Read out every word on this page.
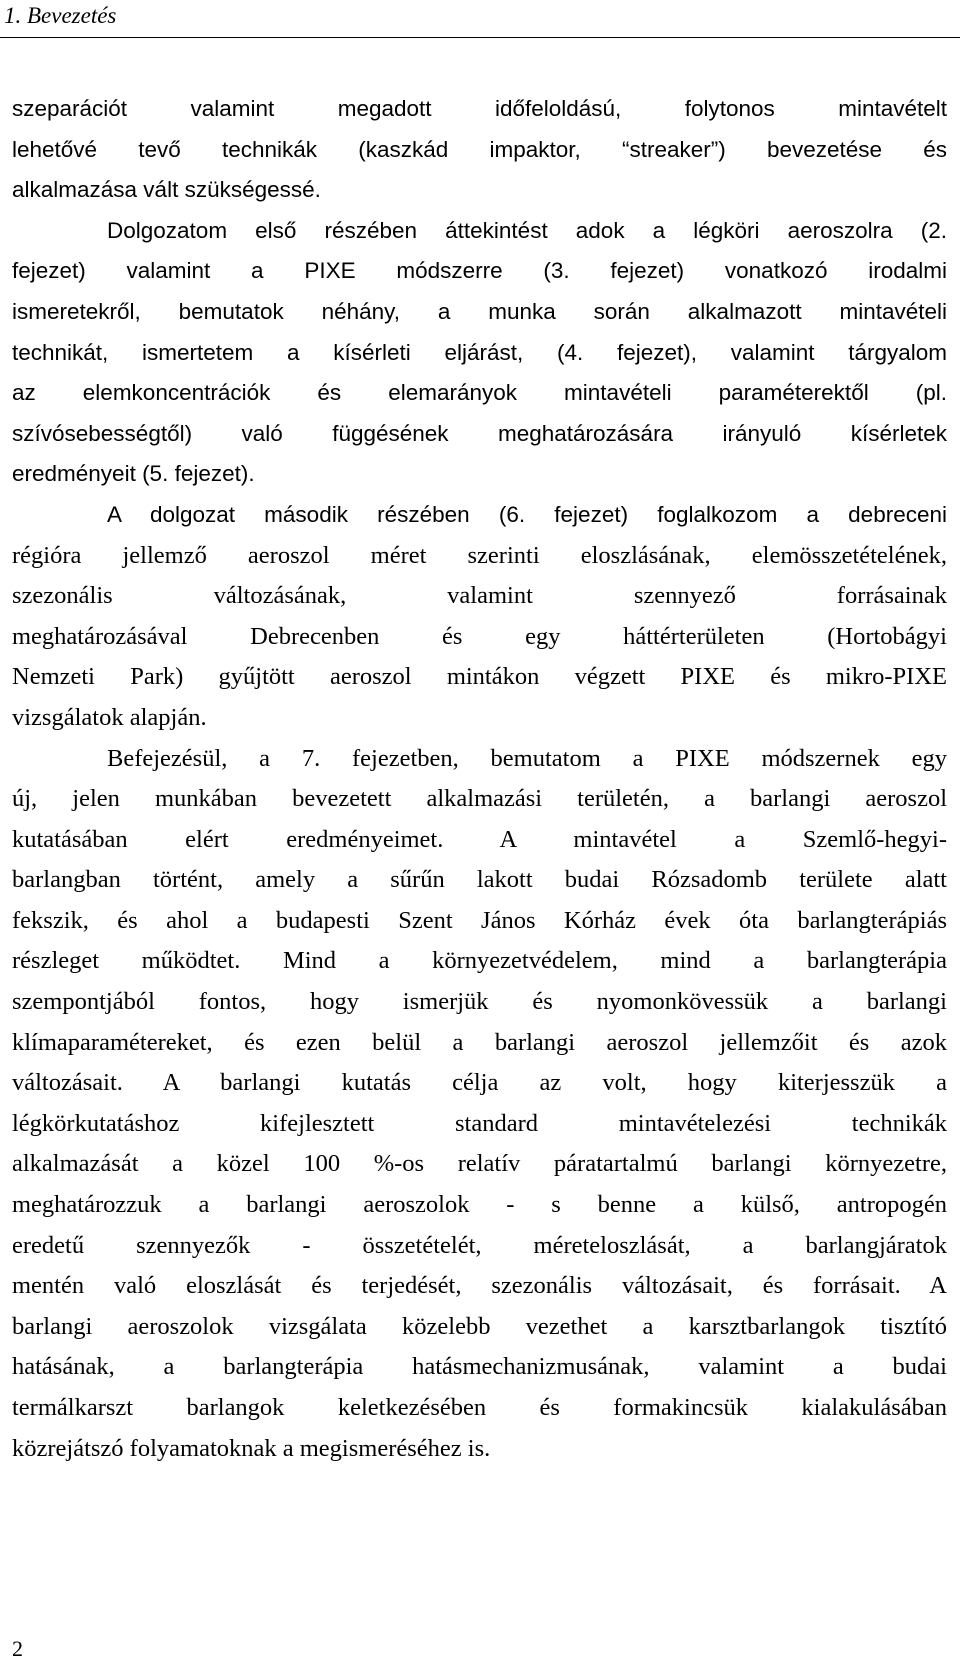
1. Bevezetés
szeparációt valamint megadott időfeloldású, folytonos mintavételt
lehetővé tevő technikák (kaszkád impaktor, “streaker”) bevezetése és
alkalmazása vált szükségessé.
Dolgozatom első részében áttekintést adok a légköri aeroszolra (2.
fejezet) valamint a PIXE módszerre (3. fejezet) vonatkozó irodalmi
ismeretekről, bemutatok néhány, a munka során alkalmazott mintavételi
technikát, ismertetem a kísérleti eljárást, (4. fejezet), valamint tárgyalom
az elemkoncentrációk és elemarányok mintavételi paraméterektől (pl.
szívósebességtől) való függésének meghatározására irányuló kísérletek
eredményeit (5. fejezet).
A dolgozat második részében (6. fejezet) foglalkozom a debreceni
régióra jellemző aeroszol méret szerinti eloszlásának, elemösszetételének,
szezonális változásának, valamint szennyező forrásainak
meghatározásával Debrecenben és egy háttérterületen (Hortobágyi
Nemzeti Park) gyűjtött aeroszol mintákon végzett PIXE és mikro-PIXE
vizsgálatok alapján.
Befejezésül, a 7. fejezetben, bemutatom a PIXE módszernek egy
új, jelen munkában bevezetett alkalmazási területén, a barlangi aeroszol
kutatásában elért eredményeimet. A mintavétel a Szemlő-hegyi-
barlangban történt, amely a sűrűn lakott budai Rózsadomb területe alatt
fekszik, és ahol a budapesti Szent János Kórház évek óta barlangterápiás
részleget működtet. Mind a környezetvédelem, mind a barlangterápia
szempontjából fontos, hogy ismerjük és nyomonkövessük a barlangi
klímaparamétereket, és ezen belül a barlangi aeroszol jellemzőit és azok
változásait. A barlangi kutatás célja az volt, hogy kiterjesszük a
légkörkutatáshoz kifejlesztett standard mintavételezési technikák
alkalmazását a közel 100 %-os relatív páratartalmú barlangi környezetre,
meghatározzuk a barlangi aeroszolok - s benne a külső, antropogén
eredetű szennyezők - összetételét, méreteloszlását, a barlangjáratok
mentén való eloszlását és terjedését, szezonális változásait, és forrásait. A
barlangi aeroszolok vizsgálata közelebb vezethet a karsztbarlangok tisztító
hatásának, a barlangterápia hatásmechanizmusának, valamint a budai
termálkarszt barlangok keletkezésében és formakincsük kialakulásában
közrejátszó folyamatoknak a megismeréséhez is.
2
